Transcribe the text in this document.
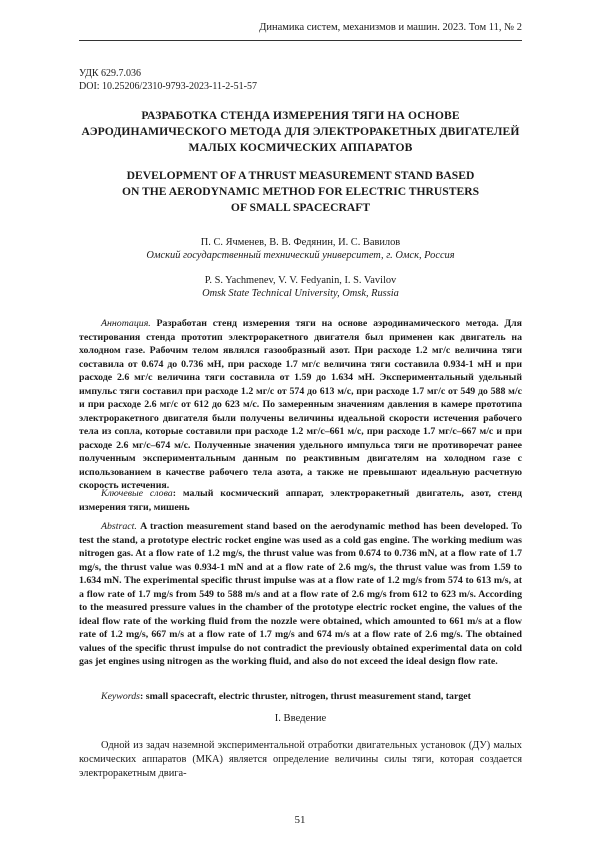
Динамика систем, механизмов и машин. 2023. Том 11, № 2
УДК 629.7.036
DOI: 10.25206/2310-9793-2023-11-2-51-57
РАЗРАБОТКА СТЕНДА ИЗМЕРЕНИЯ ТЯГИ НА ОСНОВЕ
АЭРОДИНАМИЧЕСКОГО МЕТОДА ДЛЯ ЭЛЕКТРОРАКЕТНЫХ ДВИГАТЕЛЕЙ
МАЛЫХ КОСМИЧЕСКИХ АППАРАТОВ
DEVELOPMENT OF A THRUST MEASUREMENT STAND BASED
ON THE AERODYNAMIC METHOD FOR ELECTRIC THRUSTERS
OF SMALL SPACECRAFT
П. С. Ячменев, В. В. Федянин, И. С. Вавилов
Омский государственный технический университет, г. Омск, Россия
P. S. Yachmenev, V. V. Fedyanin, I. S. Vavilov
Omsk State Technical University, Omsk, Russia
Аннотация. Разработан стенд измерения тяги на основе аэродинамического метода. Для тестирования стенда прототип электроракетного двигателя был применен как двигатель на холодном газе. Рабочим телом являлся газообразный азот. При расходе 1.2 мг/с величина тяги составила от 0.674 до 0.736 мН, при расходе 1.7 мг/с величина тяги составила 0.934-1 мН и при расходе 2.6 мг/с величина тяги составила от 1.59 до 1.634 мН. Экспериментальный удельный импульс тяги составил при расходе 1.2 мг/с от 574 до 613 м/с, при расходе 1.7 мг/с от 549 до 588 м/с и при расходе 2.6 мг/с от 612 до 623 м/с. По замеренным значениям давления в камере прототипа электроракетного двигателя были получены величины идеальной скорости истечения рабочего тела из сопла, которые составили при расходе 1.2 мг/с–661 м/с, при расходе 1.7 мг/с–667 м/с и при расходе 2.6 мг/с–674 м/с. Полученные значения удельного импульса тяги не противоречат ранее полученным экспериментальным данным по реактивным двигателям на холодном газе с использованием в качестве рабочего тела азота, а также не превышают идеальную расчетную скорость истечения.
Ключевые слова: малый космический аппарат, электроракетный двигатель, азот, стенд измерения тяги, мишень
Abstract. A traction measurement stand based on the aerodynamic method has been developed. To test the stand, a prototype electric rocket engine was used as a cold gas engine. The working medium was nitrogen gas. At a flow rate of 1.2 mg/s, the thrust value was from 0.674 to 0.736 mN, at a flow rate of 1.7 mg/s, the thrust value was 0.934-1 mN and at a flow rate of 2.6 mg/s, the thrust value was from 1.59 to 1.634 mN. The experimental specific thrust impulse was at a flow rate of 1.2 mg/s from 574 to 613 m/s, at a flow rate of 1.7 mg/s from 549 to 588 m/s and at a flow rate of 2.6 mg/s from 612 to 623 m/s. According to the measured pressure values in the chamber of the prototype electric rocket engine, the values of the ideal flow rate of the working fluid from the nozzle were obtained, which amounted to 661 m/s at a flow rate of 1.2 mg/s, 667 m/s at a flow rate of 1.7 mg/s and 674 m/s at a flow rate of 2.6 mg/s. The obtained values of the specific thrust impulse do not contradict the previously obtained experimental data on cold gas jet engines using nitrogen as the working fluid, and also do not exceed the ideal design flow rate.
Keywords: small spacecraft, electric thruster, nitrogen, thrust measurement stand, target
I. Введение
Одной из задач наземной экспериментальной отработки двигательных установок (ДУ) малых космических аппаратов (МКА) является определение величины силы тяги, которая создается электроракетным двига-
51
